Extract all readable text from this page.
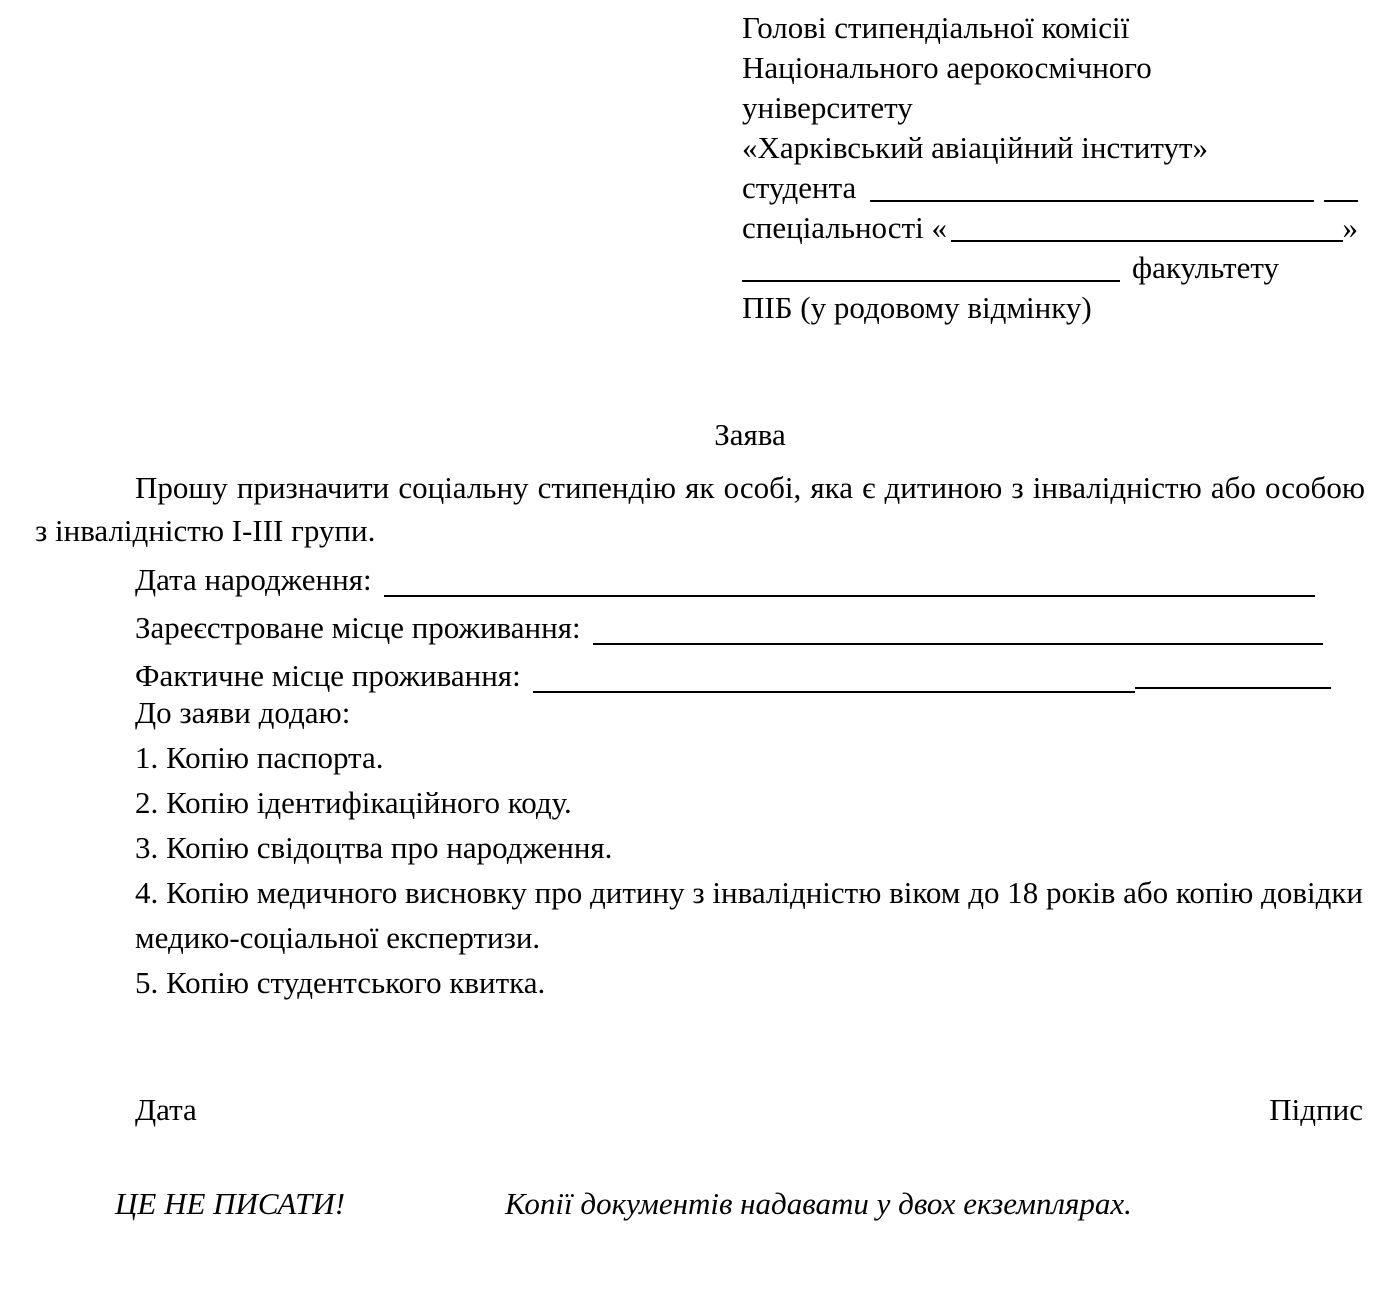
Голові стипендіальної комісії
Національного аерокосмічного
університету
«Харківський авіаційний інститут»
студента
спеціальності «	»
факультету
ПІБ (у родовому відмінку)
Заява
Прошу призначити соціальну стипендію як особі, яка є дитиною з інвалідністю або особою з інвалідністю І-ІІІ групи.
Дата народження:
Зареєстроване місце проживання:
Фактичне місце проживання:
До заяви додаю:
1. Копію паспорта.
2. Копію ідентифікаційного коду.
3. Копію свідоцтва про народження.
4. Копію медичного висновку про дитину з інвалідністю віком до 18 років або копію довідки медико-соціальної експертизи.
5. Копію студентського квитка.
Дата	Підпис
ЦЕ НЕ ПИСАТИ!	Копії документів надавати у двох екземплярах.
